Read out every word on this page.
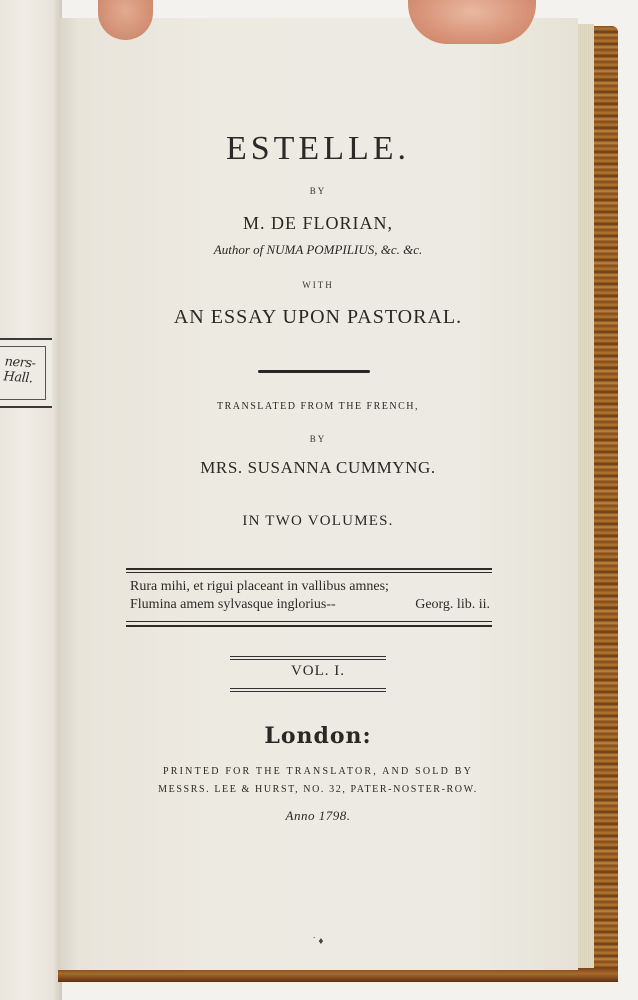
ners-Hall.
ESTELLE.
BY
M. DE FLORIAN,
Author of NUMA POMPILIUS, &c. &c.
WITH
AN ESSAY UPON PASTORAL.
TRANSLATED FROM THE FRENCH,
BY
MRS. SUSANNA CUMMYNG.
IN TWO VOLUMES.
Rura mihi, et rigui placeant in vallibus amnes;
Flumina amem sylvasque inglorius--	Georg. lib. ii.
VOL. I.
London:
PRINTED FOR THE TRANSLATOR, AND SOLD BY
MESSRS. LEE & HURST, NO. 32, PATER-NOSTER-ROW.
Anno 1798.
˙ ♦
